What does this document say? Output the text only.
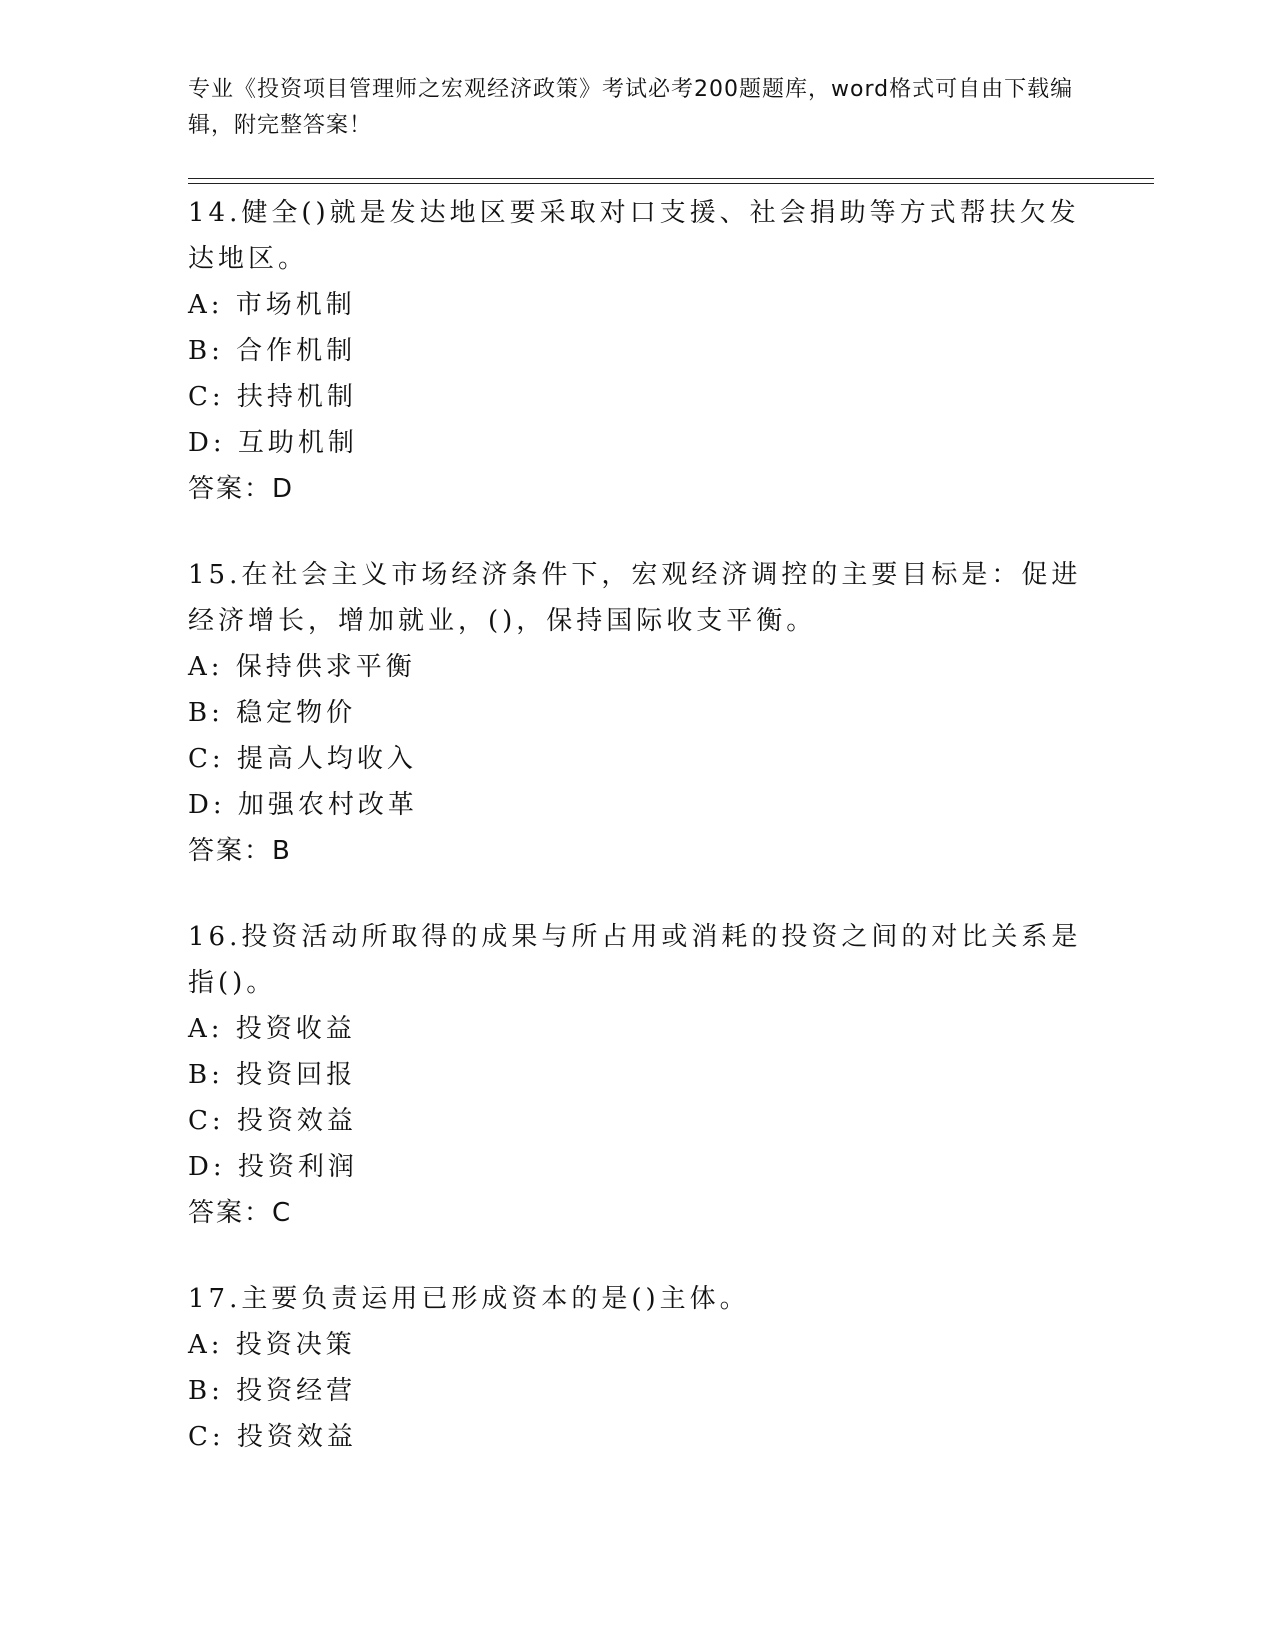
专业《投资项目管理师之宏观经济政策》考试必考200题题库，word格式可自由下载编辑，附完整答案！
14.健全()就是发达地区要采取对口支援、社会捐助等方式帮扶欠发达地区。
A: 市场机制
B: 合作机制
C: 扶持机制
D: 互助机制
答案：D
15.在社会主义市场经济条件下，宏观经济调控的主要目标是：促进经济增长，增加就业，()，保持国际收支平衡。
A: 保持供求平衡
B: 稳定物价
C: 提高人均收入
D: 加强农村改革
答案：B
16.投资活动所取得的成果与所占用或消耗的投资之间的对比关系是指()。
A: 投资收益
B: 投资回报
C: 投资效益
D: 投资利润
答案：C
17.主要负责运用已形成资本的是()主体。
A: 投资决策
B: 投资经营
C: 投资效益
